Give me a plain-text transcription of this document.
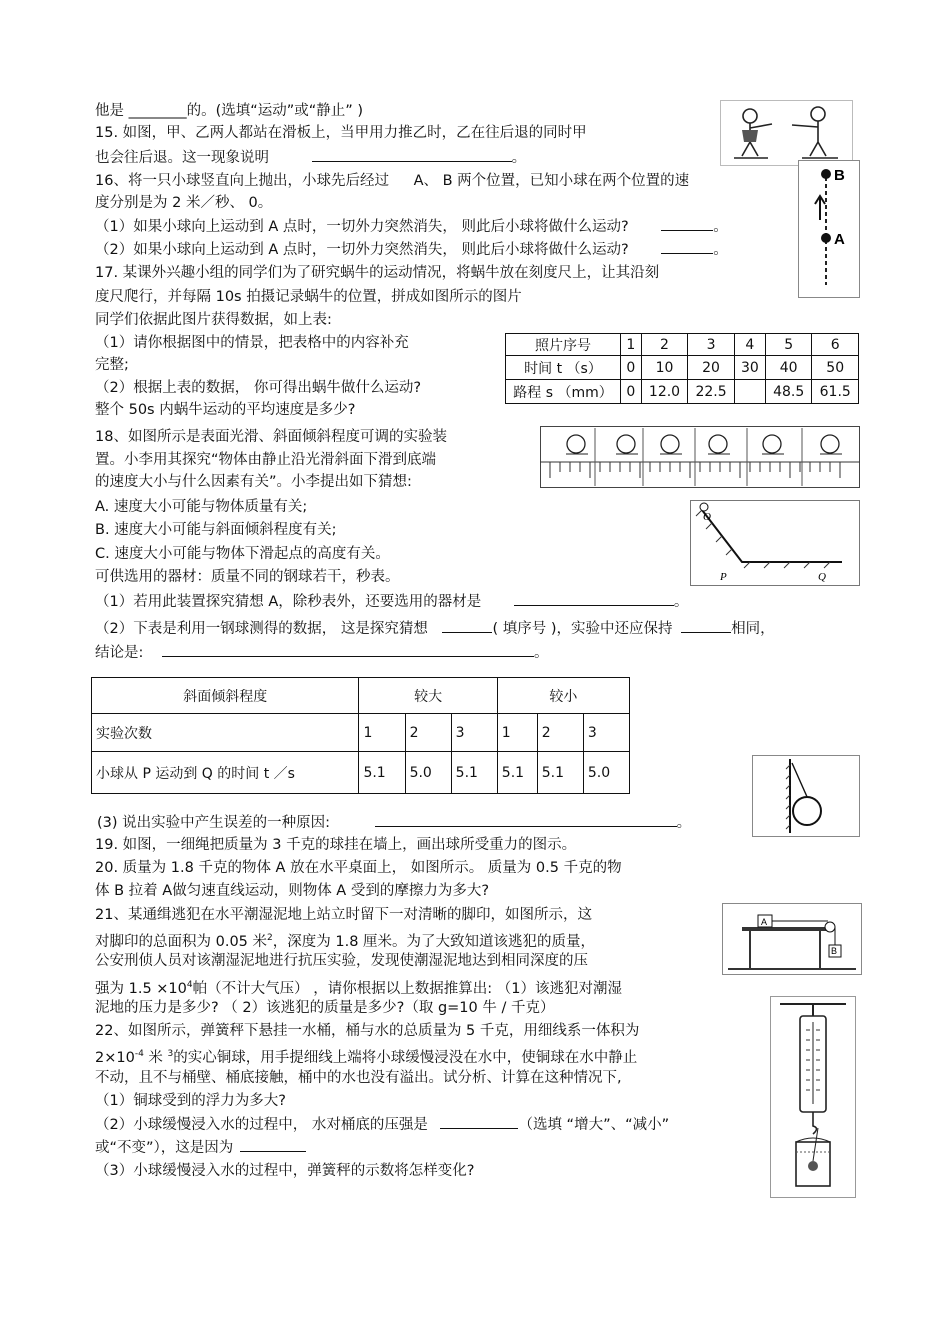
他是 ________的。(选填“运动”或“静止” )
15. 如图，甲、乙两人都站在滑板上，当甲用力推乙时，乙在往后退的同时甲
也会往后退。这一现象说明	。
16、将一只小球竖直向上抛出，小球先后经过 A、 B 两个位置，已知小球在两个位置的速
度分别是为 2 米／秒、 0。
（1）如果小球向上运动到 A 点时，一切外力突然消失， 则此后小球将做什么运动?	。
（2）如果小球向上运动到 A 点时，一切外力突然消失， 则此后小球将做什么运动?	。
17. 某课外兴趣小组的同学们为了研究蜗牛的运动情况，将蜗牛放在刻度尺上，让其沿刻
度尺爬行，并每隔 10s 拍摄记录蜗牛的位置，拼成如图所示的图片
同学们依据此图片获得数据，如上表:
（1）请你根据图中的情景，把表格中的内容补充
完整;
（2）根据上表的数据， 你可得出蜗牛做什么运动?
整个 50s 内蜗牛运动的平均速度是多少?
18、如图所示是表面光滑、斜面倾斜程度可调的实验装
置。小李用其探究“物体由静止沿光滑斜面下滑到底端
的速度大小与什么因素有关”。小李提出如下猜想:
A. 速度大小可能与物体质量有关;
B. 速度大小可能与斜面倾斜程度有关;
C. 速度大小可能与物体下滑起点的高度有关。
可供选用的器材：质量不同的钢球若干，秒表。
（1）若用此装置探究猜想 A，除秒表外，还要选用的器材是	。
（2）下表是利用一钢球测得的数据， 这是探究猜想	( 填序号 )，实验中还应保持	相同，
结论是:	。
(3) 说出实验中产生误差的一种原因:	。
19. 如图，一细绳把质量为 3 千克的球挂在墙上，画出球所受重力的图示。
20. 质量为 1.8 千克的物体 A 放在水平桌面上， 如图所示。 质量为 0.5 千克的物
体 B 拉着 A做匀速直线运动，则物体 A 受到的摩擦力为多大?
21、某通缉逃犯在水平潮湿泥地上站立时留下一对清晰的脚印，如图所示，这
对脚印的总面积为 0.05 米$^2$，深度为 1.8 厘米。为了大致知道该逃犯的质量，
公安刑侦人员对该潮湿泥地进行抗压实验，发现使潮湿泥地达到相同深度的压
强为 $1.5 \times 10^4$帕（不计大气压） ，请你根据以上数据推算出: （1）该逃犯对潮湿
泥地的压力是多少? （ 2）该逃犯的质量是多少?（取 g=10 牛 / 千克）
22、如图所示，弹簧秤下悬挂一水桶，桶与水的总质量为 5 千克，用细线系一体积为
$2\times 10^{-4}$ 米 $^3$的实心铜球，用手提细线上端将小球缓慢浸没在水中，使铜球在水中静止
不动，且不与桶壁、桶底接触，桶中的水也没有溢出。试分析、计算在这种情况下,
（1）铜球受到的浮力为多大?
（2）小球缓慢浸入水的过程中， 水对桶底的压强是	（选填 “增大”、“减小”
或“不变”），这是因为
（3）小球缓慢浸入水的过程中，弹簧秤的示数将怎样变化?
照片序号	1	2	3	4	5	6
时间 t （s）	0	10	20	30	40	50
路程 s （mm）	0	12.0	22.5		48.5	61.5
斜面倾斜程度	较大			较小		
实验次数	1	2	3	1	2	3
小球从 P 运动到 Q 的时间 t ／s	5.1	5.0	5.1	5.1	5.1	5.0
B
A
O
P	Q
A
B
